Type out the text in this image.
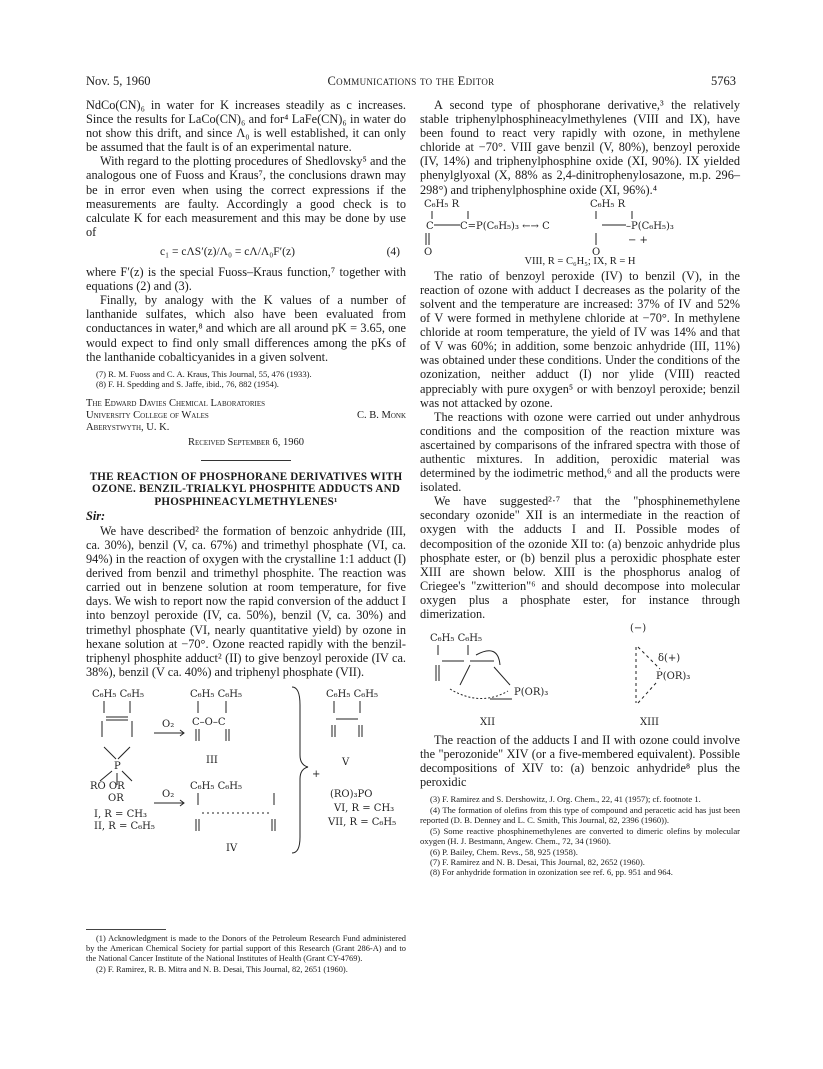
Nov. 5, 1960	Communications to the Editor	5763

NdCo(CN)₆ in water for K increases steadily as c increases. Since the results for LaCo(CN)₆ and for⁴ LaFe(CN)₆ in water do not show this drift, and since Λ₀ is well established, it can only be assumed that the fault is of an experimental nature.

With regard to the plotting procedures of Shedlovsky⁵ and the analogous one of Fuoss and Kraus⁷, the conclusions drawn may be in error even when using the correct expressions if the measurements are faulty. Accordingly a good check is to calculate K for each measurement and this may be done by use of

c₁ = cΛS′(z)/Λ₀ = cΛ/Λ₀F′(z)	(4)

where F′(z) is the special Fuoss–Kraus function,⁷ together with equations (2) and (3).

Finally, by analogy with the K values of a number of lanthanide sulfates, which also have been evaluated from conductances in water,⁸ and which are all around pK = 3.65, one would expect to find only small differences among the pKs of the lanthanide cobalticyanides in a given solvent.

(7) R. M. Fuoss and C. A. Kraus, This Journal, 55, 476 (1933).

(8) F. H. Spedding and S. Jaffe, ibid., 76, 882 (1954).

The Edward Davies Chemical Laboratories
University College of Wales	C. B. Monk
Aberystwyth, U. K.
Received September 6, 1960
THE REACTION OF PHOSPHORANE DERIVATIVES WITH OZONE. BENZIL-TRIALKYL PHOSPHITE ADDUCTS AND PHOSPHINEACYLMETHYLENES¹
Sir:

We have described² the formation of benzoic anhydride (III, ca. 30%), benzil (V, ca. 67%) and trimethyl phosphate (VI, ca. 94%) in the reaction of oxygen with the crystalline 1:1 adduct (I) derived from benzil and trimethyl phosphite. The reaction was carried out in benzene solution at room temperature, for five days. We wish to report now the rapid conversion of the adduct I into benzoyl peroxide (IV, ca. 50%), benzil (V, ca. 30%) and trimethyl phosphate (VI, nearly quantitative yield) by ozone in hexane solution at −70°. Ozone reacted rapidly with the benzil-triphenyl phosphite adduct² (II) to give benzoyl peroxide (IV ca. 38%), benzil (V ca. 40%) and triphenyl phosphate (VII).

C₆H₅ C₆H₅
P
RO OR
OR
I, R = CH₃
II, R = C₆H₅
O₂
O₂
C₆H₅ C₆H₅
C–O–C
III
C₆H₅ C₆H₅
IV
+
C₆H₅ C₆H₅
V
(RO)₃PO
VI, R = CH₃
VII, R = C₆H₅

(1) Acknowledgment is made to the Donors of the Petroleum Research Fund administered by the American Chemical Society for partial support of this Research (Grant 286-A) and to the National Cancer Institute of the National Institutes of Health (Grant CY-4769).

(2) F. Ramirez, R. B. Mitra and N. B. Desai, This Journal, 82, 2651 (1960).

A second type of phosphorane derivative,³ the relatively stable triphenylphosphineacylmethylenes (VIII and IX), have been found to react very rapidly with ozone, in methylene chloride at −70°. VIII gave benzil (V, 80%), benzoyl peroxide (IV, 14%) and triphenylphosphine oxide (XI, 90%). IX yielded phenylglyoxal (X, 88% as 2,4-dinitrophenylosazone, m.p. 296–298°) and triphenylphosphine oxide (XI, 96%).⁴

C₆H₅ R
C	C=P(C₆H₅)₃ ←→ C
C₆H₅ R
–P(C₆H₅)₃
− +
O	O
VIII, R = C₆H₅; IX, R = H

The ratio of benzoyl peroxide (IV) to benzil (V), in the reaction of ozone with adduct I decreases as the polarity of the solvent and the temperature are increased: 37% of IV and 52% of V were formed in methylene chloride at −70°. In methylene chloride at room temperature, the yield of IV was 14% and that of V was 60%; in addition, some benzoic anhydride (III, 11%) was obtained under these conditions. Under the conditions of the ozonization, neither adduct (I) nor ylide (VIII) reacted appreciably with pure oxygen⁵ or with benzoyl peroxide; benzil was not attacked by ozone.

The reactions with ozone were carried out under anhydrous conditions and the composition of the reaction mixture was ascertained by comparisons of the infrared spectra with those of authentic mixtures. In addition, peroxidic material was determined by the iodimetric method,⁶ and all the products were isolated.

We have suggested²·⁷ that the "phosphinemethylene secondary ozonide" XII is an intermediate in the reaction of oxygen with the adducts I and II. Possible modes of decomposition of the ozonide XII to: (a) benzoic anhydride plus phosphate ester, or (b) benzil plus a peroxidic phosphate ester XIII are shown below. XIII is the phosphorus analog of Criegee's "zwitterion"⁶ and should decompose into molecular oxygen plus a phosphate ester, for instance through dimerization.

C₆H₅ C₆H₅
P(OR)₃
XII
(−)
δ(+)
P(OR)₃
XIII

The reaction of the adducts I and II with ozone could involve the "perozonide" XIV (or a five-membered equivalent). Possible decompositions of XIV to: (a) benzoic anhydride⁸ plus the peroxidic

(3) F. Ramirez and S. Dershowitz, J. Org. Chem., 22, 41 (1957); cf. footnote 1.

(4) The formation of olefins from this type of compound and peracetic acid has just been reported (D. B. Denney and L. C. Smith, This Journal, 82, 2396 (1960)).

(5) Some reactive phosphinemethylenes are converted to dimeric olefins by molecular oxygen (H. J. Bestmann, Angew. Chem., 72, 34 (1960).

(6) P. Bailey, Chem. Revs., 58, 925 (1958).

(7) F. Ramirez and N. B. Desai, This Journal, 82, 2652 (1960).

(8) For anhydride formation in ozonization see ref. 6, pp. 951 and 964.
